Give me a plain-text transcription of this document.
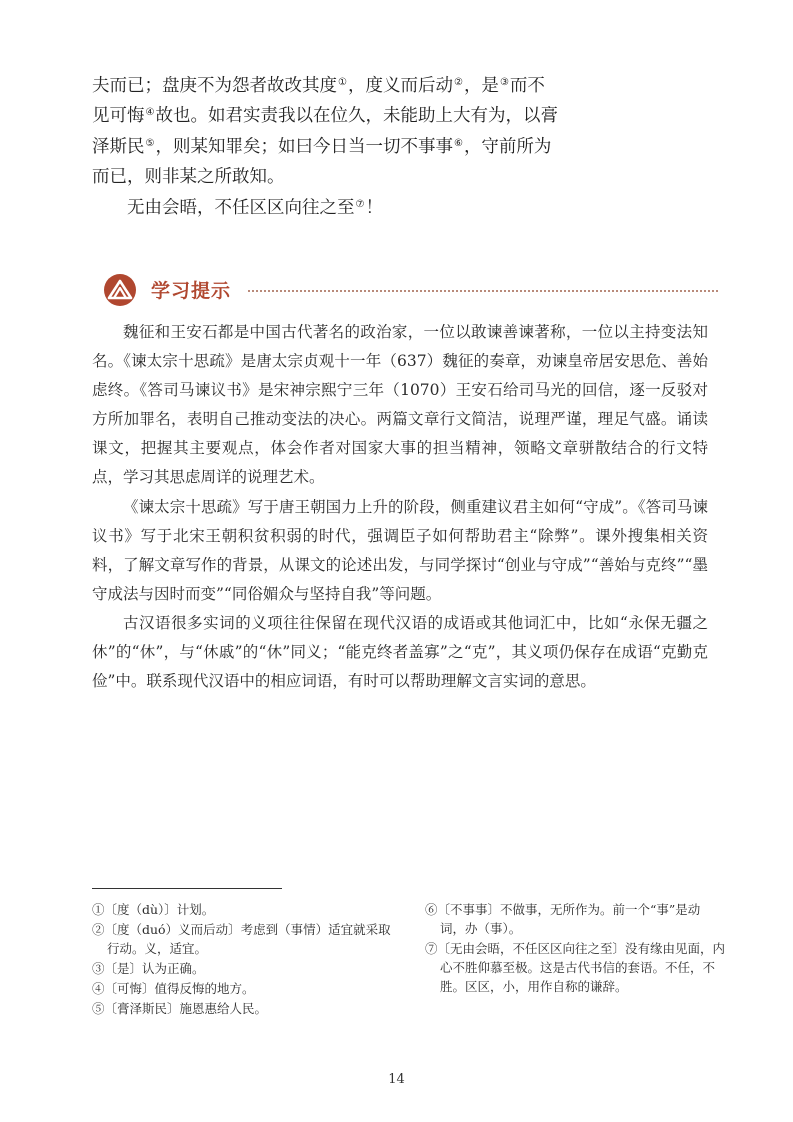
夫而已；盘庚不为怨者故改其度①，度义而后动②，是③而不见可悔④故也。如君实责我以在位久，未能助上大有为，以膏泽斯民⑤，则某知罪矣；如曰今日当一切不事事⑥，守前所为而已，则非某之所敢知。

无由会晤，不任区区向往之至⑦！

学习提示

魏征和王安石都是中国古代著名的政治家，一位以敢谏善谏著称，一位以主持变法知名。《谏太宗十思疏》是唐太宗贞观十一年（637）魏征的奏章，劝谏皇帝居安思危、善始虑终。《答司马谏议书》是宋神宗熙宁三年（1070）王安石给司马光的回信，逐一反驳对方所加罪名，表明自己推动变法的决心。两篇文章行文简洁，说理严谨，理足气盛。诵读课文，把握其主要观点，体会作者对国家大事的担当精神，领略文章骈散结合的行文特点，学习其思虑周详的说理艺术。

《谏太宗十思疏》写于唐王朝国力上升的阶段，侧重建议君主如何“守成”。《答司马谏议书》写于北宋王朝积贫积弱的时代，强调臣子如何帮助君主“除弊”。课外搜集相关资料，了解文章写作的背景，从课文的论述出发，与同学探讨“创业与守成”“善始与克终”“墨守成法与因时而变”“同俗媚众与坚持自我”等问题。

古汉语很多实词的义项往往保留在现代汉语的成语或其他词汇中，比如“永保无疆之休”的“休”，与“休戚”的“休”同义；“能克终者盖寡”之“克”，其义项仍保存在成语“克勤克俭”中。联系现代汉语中的相应词语，有时可以帮助理解文言实词的意思。

①〔度（dù）〕计划。

②〔度（duó）义而后动〕考虑到（事情）适宜就采取行动。义，适宜。

③〔是〕认为正确。

④〔可悔〕值得反悔的地方。

⑤〔膏泽斯民〕施恩惠给人民。

⑥〔不事事〕不做事，无所作为。前一个“事”是动词，办（事）。

⑦〔无由会晤，不任区区向往之至〕没有缘由见面，内心不胜仰慕至极。这是古代书信的套语。不任，不胜。区区，小，用作自称的谦辞。

14
